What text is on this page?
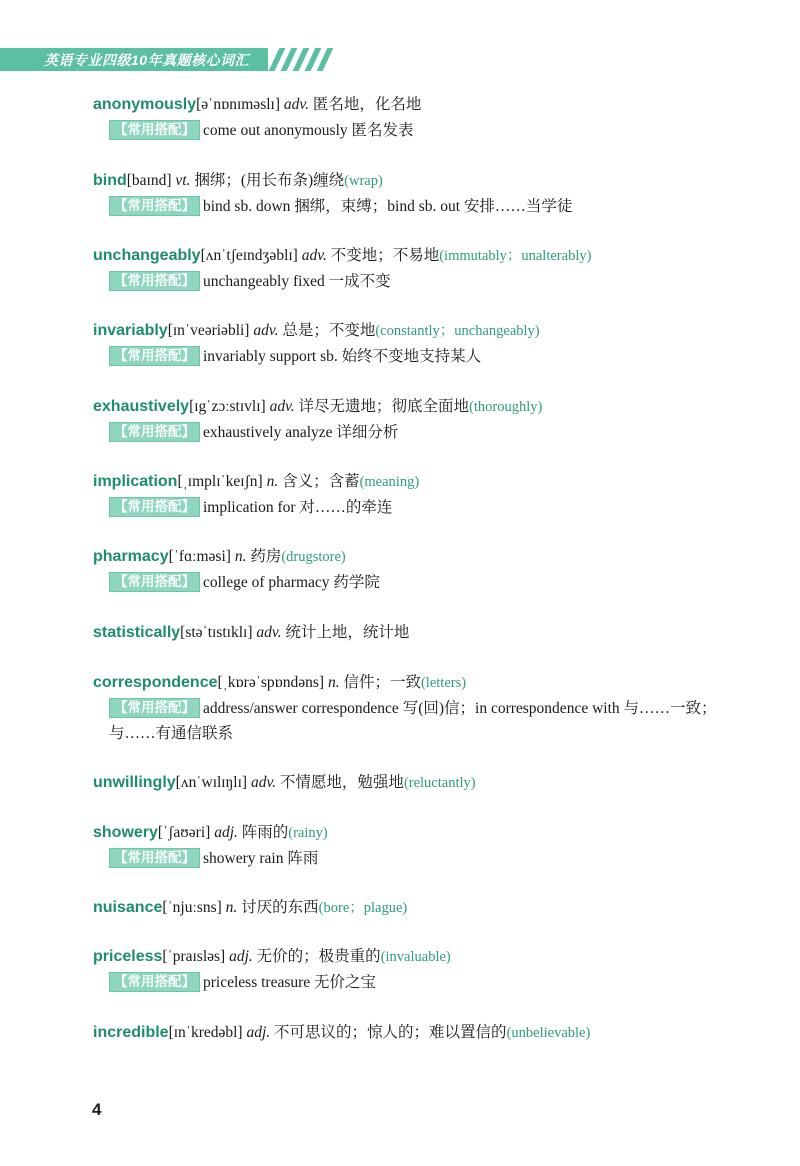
英语专业四级10年真题核心词汇
anonymously[əˈnɒnɪməslɪ] adv. 匿名地，化名地
【常用搭配】 come out anonymously 匿名发表
bind[baɪnd] vt. 捆绑；(用长布条)缠绕(wrap)
【常用搭配】 bind sb. down 捆绑，束缚；bind sb. out 安排……当学徒
unchangeably[ʌnˈtʃeɪndʒəblɪ] adv. 不变地；不易地(immutably；unalterably)
【常用搭配】 unchangeably fixed 一成不变
invariably[ɪnˈveəriəbli] adv. 总是；不变地(constantly；unchangeably)
【常用搭配】 invariably support sb. 始终不变地支持某人
exhaustively[ɪgˈzɔːstɪvlɪ] adv. 详尽无遗地；彻底全面地(thoroughly)
【常用搭配】 exhaustively analyze 详细分析
implication[ˌɪmplɪˈkeɪʃn] n. 含义；含蓄(meaning)
【常用搭配】 implication for 对……的牵连
pharmacy[ˈfɑːməsi] n. 药房(drugstore)
【常用搭配】 college of pharmacy 药学院
statistically[stəˈtɪstɪklɪ] adv. 统计上地，统计地
correspondence[ˌkɒrəˈspɒndəns] n. 信件；一致(letters)
【常用搭配】 address/answer correspondence 写(回)信；in correspondence with 与……一致；与……有通信联系
unwillingly[ʌnˈwɪlɪŋlɪ] adv. 不情愿地，勉强地(reluctantly)
showery[ˈʃaʊəri] adj. 阵雨的(rainy)
【常用搭配】 showery rain 阵雨
nuisance[ˈnjuːsns] n. 讨厌的东西(bore；plague)
priceless[ˈpraɪsləs] adj. 无价的；极贵重的(invaluable)
【常用搭配】 priceless treasure 无价之宝
incredible[ɪnˈkredəbl] adj. 不可思议的；惊人的；难以置信的(unbelievable)
4
